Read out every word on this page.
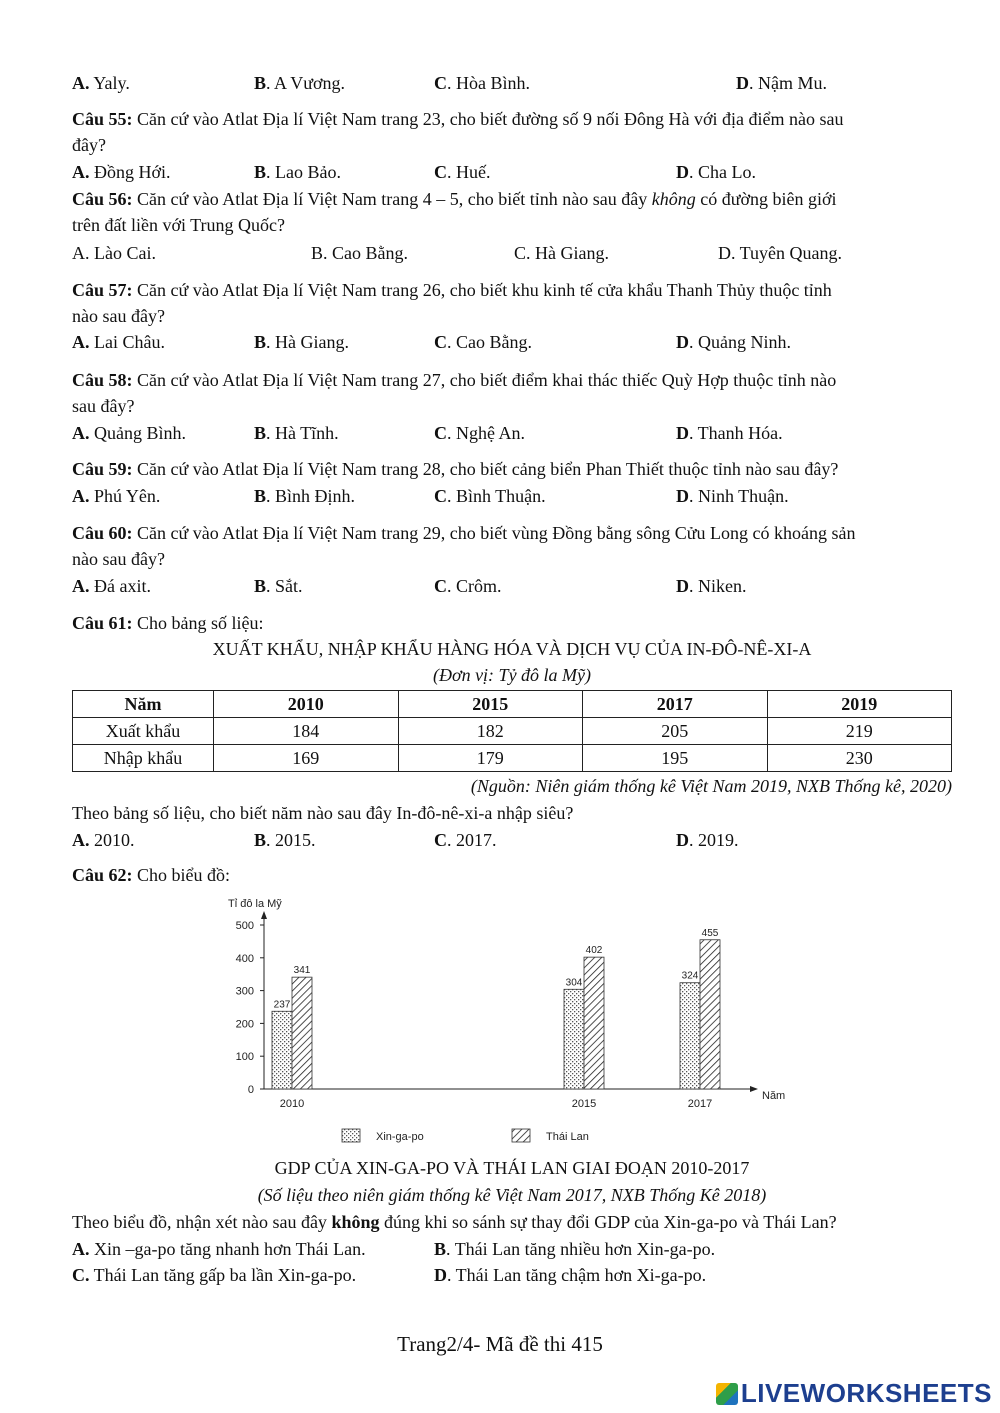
A. Yaly.	B. A Vương.	C. Hòa Bình.	D. Nậm Mu.
Câu 55: Căn cứ vào Atlat Địa lí Việt Nam trang 23, cho biết đường số 9 nối Đông Hà với địa điểm nào sau
đây?
A. Đồng Hới.	B. Lao Bảo.	C. Huế.	D. Cha Lo.
Câu 56: Căn cứ vào Atlat Địa lí Việt Nam trang 4 – 5, cho biết tỉnh nào sau đây không có đường biên giới
trên đất liền với Trung Quốc?
A. Lào Cai.	B. Cao Bằng.	C. Hà Giang.	D. Tuyên Quang.
Câu 57: Căn cứ vào Atlat Địa lí Việt Nam trang 26, cho biết khu kinh tế cửa khẩu Thanh Thủy thuộc tỉnh
nào sau đây?
A. Lai Châu.	B. Hà Giang.	C. Cao Bằng.	D. Quảng Ninh.
Câu 58: Căn cứ vào Atlat Địa lí Việt Nam trang 27, cho biết điểm khai thác thiếc Quỳ Hợp thuộc tỉnh nào
sau đây?
A. Quảng Bình.	B. Hà Tĩnh.	C. Nghệ An.	D. Thanh Hóa.
Câu 59: Căn cứ vào Atlat Địa lí Việt Nam trang 28, cho biết cảng biển Phan Thiết thuộc tỉnh nào sau đây?
A. Phú Yên.	B. Bình Định.	C. Bình Thuận.	D. Ninh Thuận.
Câu 60: Căn cứ vào Atlat Địa lí Việt Nam trang 29, cho biết vùng Đồng bằng sông Cửu Long có khoáng sản
nào sau đây?
A. Đá axit.	B. Sắt.	C. Crôm.	D. Niken.
Câu 61: Cho bảng số liệu:
XUẤT KHẨU, NHẬP KHẨU HÀNG HÓA VÀ DỊCH VỤ CỦA IN-ĐÔ-NÊ-XI-A
(Đơn vị: Tỷ đô la Mỹ)
Năm	2010	2015	2017	2019
Xuất khẩu	184	182	205	219
Nhập khẩu	169	179	195	230
(Nguồn: Niên giám thống kê Việt Nam 2019, NXB Thống kê, 2020)
Theo bảng số liệu, cho biết năm nào sau đây In-đô-nê-xi-a nhập siêu?
A. 2010.	B. 2015.	C. 2017.	D. 2019.
Câu 62: Cho biểu đồ:
0
100
200
300
400
500
Tỉ đô la Mỹ
Năm
237
341
2010
304
402
2015
324
455
2017
Xin-ga-po	Thái Lan
GDP CỦA XIN-GA-PO VÀ THÁI LAN GIAI ĐOẠN 2010-2017
(Số liệu theo niên giám thống kê Việt Nam 2017, NXB Thống Kê 2018)
Theo biểu đồ, nhận xét nào sau đây không đúng khi so sánh sự thay đổi GDP của Xin-ga-po và Thái Lan?
A. Xin –ga-po tăng nhanh hơn Thái Lan.	B. Thái Lan tăng nhiều hơn Xin-ga-po.
C. Thái Lan tăng gấp ba lần Xin-ga-po.	D. Thái Lan tăng chậm hơn Xi-ga-po.
Trang2/4- Mã đề thi 415
LIVEWORKSHEETS
